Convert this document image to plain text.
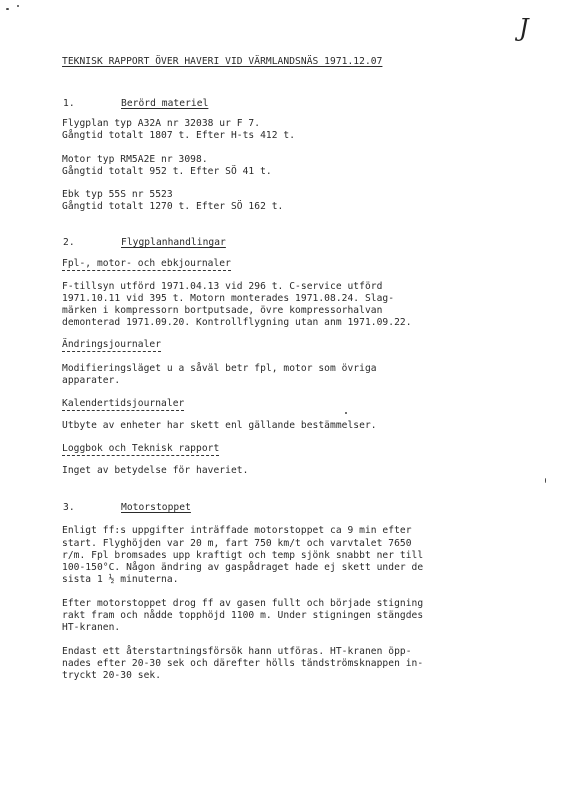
J
TEKNISK RAPPORT ÖVER HAVERI VID VÄRMLANDSNÄS 1971.12.07
1.	Berörd materiel
Flygplan typ A32A nr 32038 ur F 7.
Gångtid totalt 1807 t. Efter H-ts 412 t.
Motor typ RM5A2E nr 3098.
Gångtid totalt 952 t. Efter SÖ 41 t.
Ebk typ 55S nr 5523
Gångtid totalt 1270 t. Efter SÖ 162 t.
2.	Flygplanhandlingar
Fpl-, motor- och ebkjournaler
F-tillsyn utförd 1971.04.13 vid 296 t. C-service utförd
1971.10.11 vid 395 t. Motorn monterades 1971.08.24. Slag-
märken i kompressorn bortputsade, övre kompressorhalvan
demonterad 1971.09.20. Kontrollflygning utan anm 1971.09.22.
Ändringsjournaler
Modifieringsläget u a såväl betr fpl, motor som övriga
apparater.
Kalendertidsjournaler
Utbyte av enheter har skett enl gällande bestämmelser.
Loggbok och Teknisk rapport
Inget av betydelse för haveriet.
3.	Motorstoppet
Enligt ff:s uppgifter inträffade motorstoppet ca 9 min efter
start. Flyghöjden var 20 m, fart 750 km/t och varvtalet 7650
r/m. Fpl bromsades upp kraftigt och temp sjönk snabbt ner till
100-150°C. Någon ändring av gaspådraget hade ej skett under de
sista 1 ½ minuterna.
Efter motorstoppet drog ff av gasen fullt och började stigning
rakt fram och nådde topphöjd 1100 m. Under stigningen stängdes
HT-kranen.
Endast ett återstartningsförsök hann utföras. HT-kranen öpp-
nades efter 20-30 sek och därefter hölls tändströmsknappen in-
tryckt 20-30 sek.
